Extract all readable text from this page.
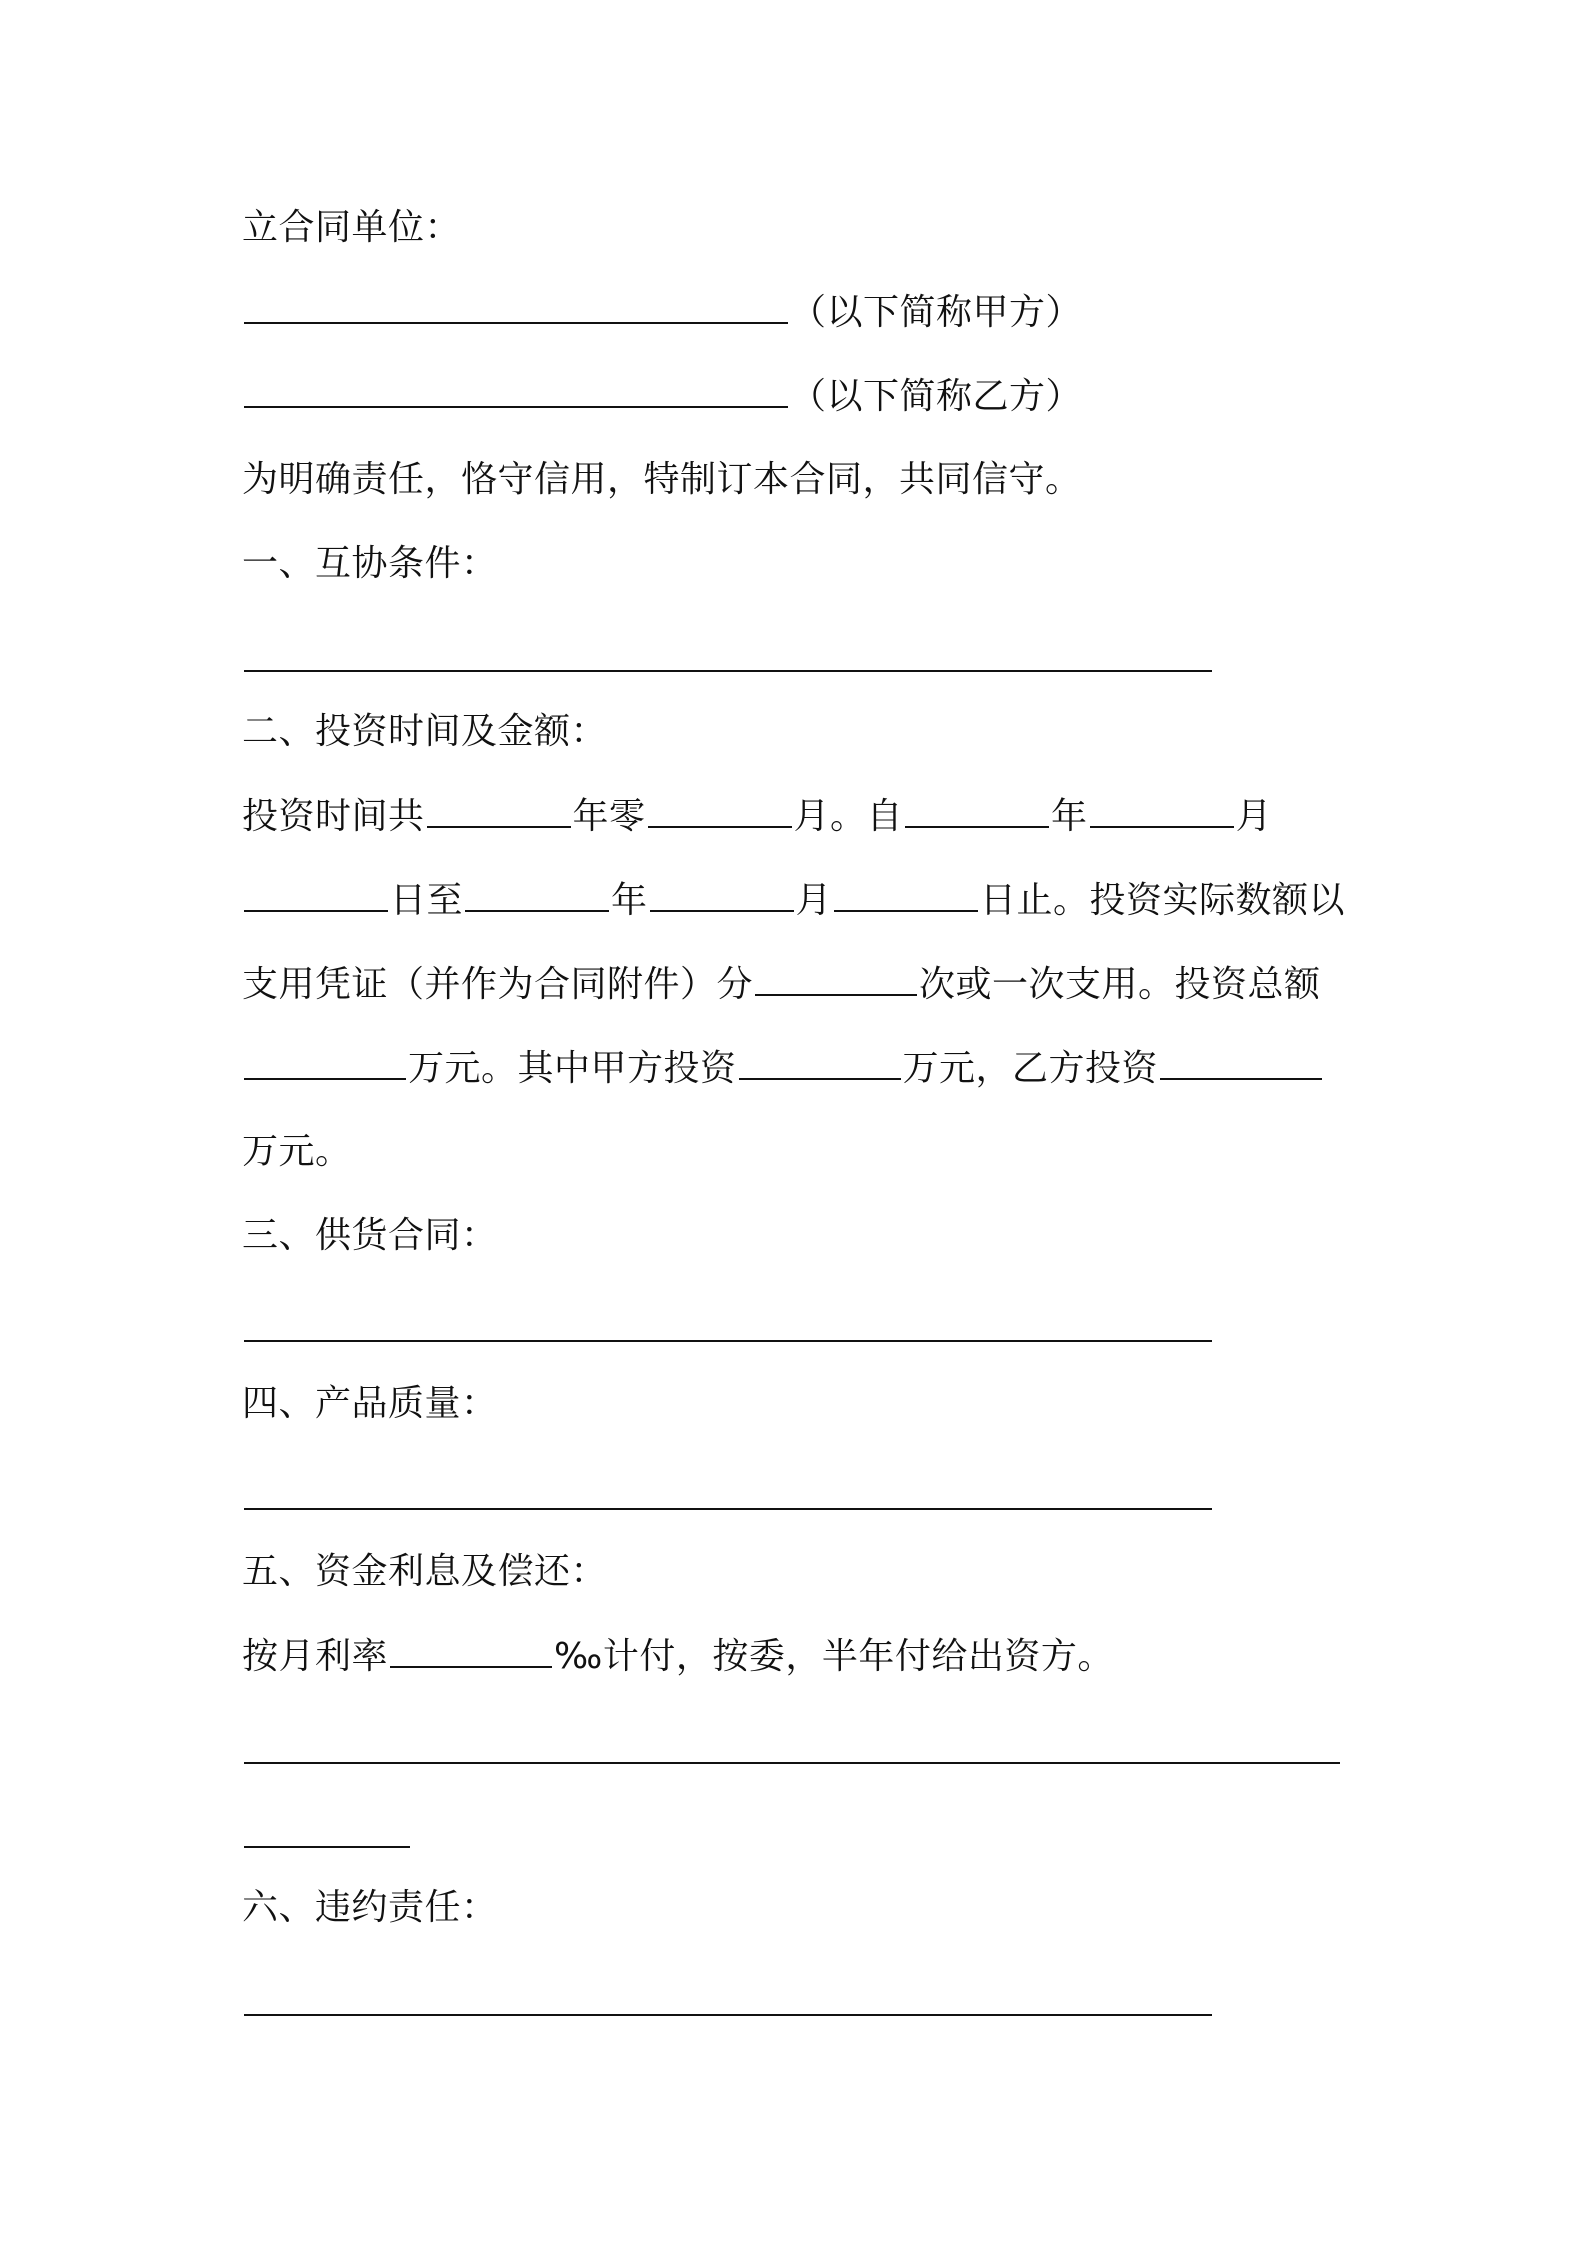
立合同单位：
（以下简称甲方）
（以下简称乙方）
为明确责任，恪守信用，特制订本合同，共同信守。
一、互协条件：
二、投资时间及金额：
投资时间共	年零	月。自	年	月
日至	年	月	日止。投资实际数额以
支用凭证（并作为合同附件）分	次或一次支用。投资总额
万元。其中甲方投资	万元，乙方投资
万元。
三、供货合同：
四、产品质量：
五、资金利息及偿还：
按月利率	‰计付，按委，半年付给出资方。
六、违约责任：
